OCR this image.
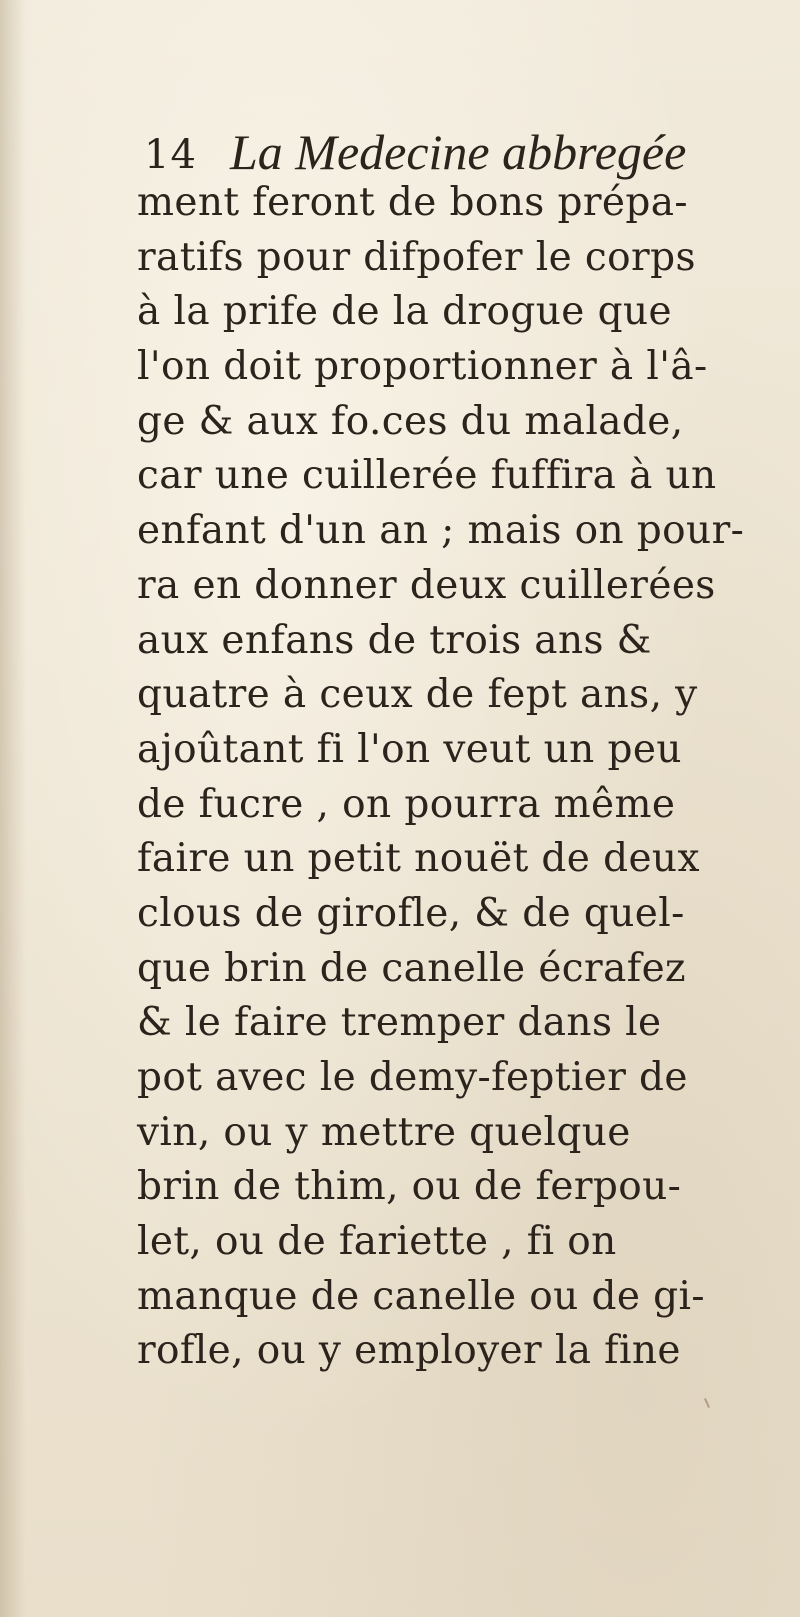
14 La Medecine abbregée
ment feront de bons prépa-
ratifs pour difpofer le corps
à la prife de la drogue que
l'on doit proportionner à l'â-
ge & aux fo.ces du malade,
car une cuillerée fuffira à un
enfant d'un an ; mais on pour-
ra en donner deux cuillerées
aux enfans de trois ans &
quatre à ceux de fept ans, y
ajoûtant fi l'on veut un peu
de fucre , on pourra même
faire un petit nouët de deux
clous de girofle, & de quel-
que brin de canelle écrafez
& le faire tremper dans le
pot avec le demy-feptier de
vin, ou y mettre quelque
brin de thim, ou de ferpou-
let, ou de fariette , fi on
manque de canelle ou de gi-
rofle, ou y employer la fine
